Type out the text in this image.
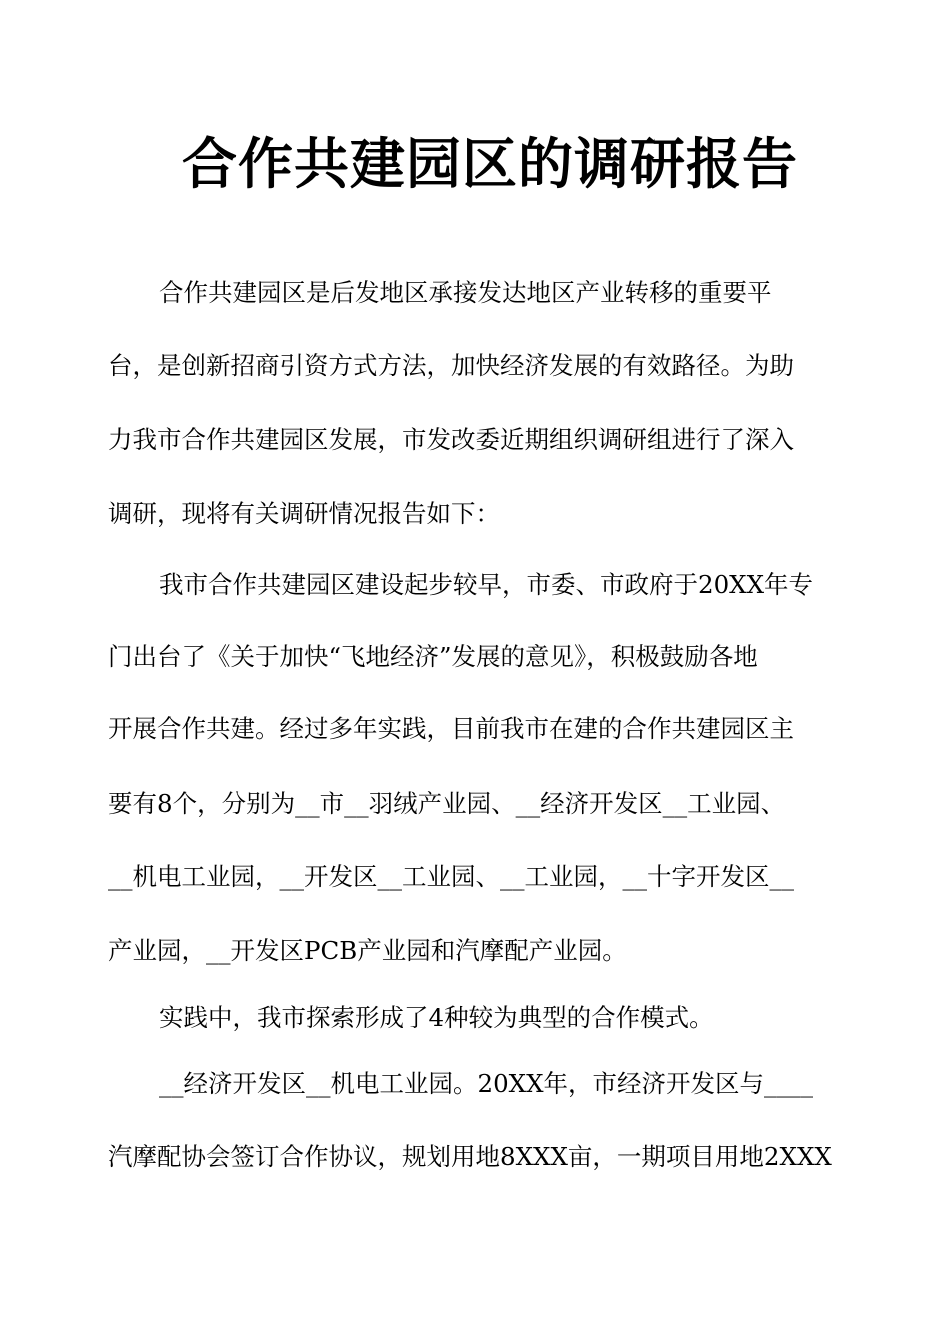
合作共建园区的调研报告

合作共建园区是后发地区承接发达地区产业转移的重要平

台，是创新招商引资方式方法，加快经济发展的有效路径。为助

力我市合作共建园区发展，市发改委近期组织调研组进行了深入

调研，现将有关调研情况报告如下：

我市合作共建园区建设起步较早，市委、市政府于20XX年专

门出台了《关于加快“飞地经济”发展的意见》，积极鼓励各地

开展合作共建。经过多年实践，目前我市在建的合作共建园区主

要有8个，分别为__市__羽绒产业园、__经济开发区__工业园、

__机电工业园，__开发区__工业园、__工业园，__十字开发区__

产业园，__开发区PCB产业园和汽摩配产业园。

实践中，我市探索形成了4种较为典型的合作模式。

__经济开发区__机电工业园。20XX年，市经济开发区与____

汽摩配协会签订合作协议，规划用地8XXX亩，一期项目用地2XXX
